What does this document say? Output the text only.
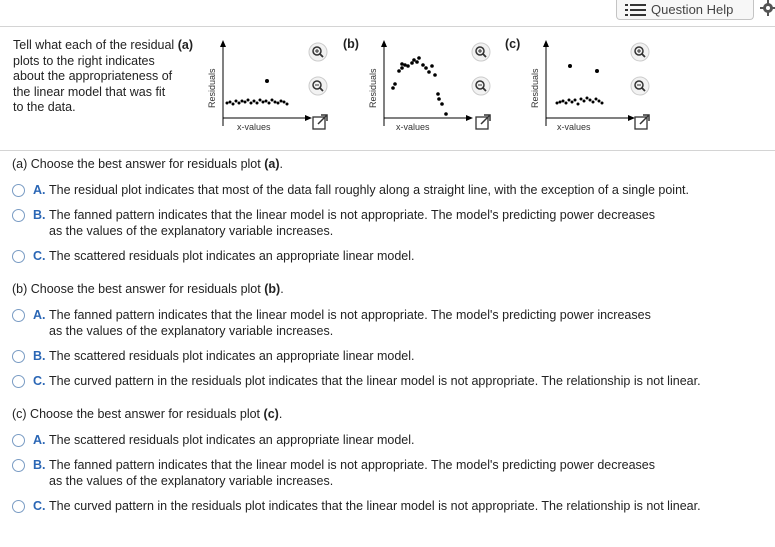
Question Help
Tell what each of the residual (a)
plots to the right indicates
about the appropriateness of
the linear model that was fit
to the data.	Residuals
x-values
(b)
Residuals
x-values
(c)
Residuals
x-values
(a) Choose the best answer for residuals plot (a).
A. The residual plot indicates that most of the data fall roughly along a straight line, with the exception of a single point.
B. The fanned pattern indicates that the linear model is not appropriate. The model's predicting power decreases
as the values of the explanatory variable increases.
C. The scattered residuals plot indicates an appropriate linear model.
(b) Choose the best answer for residuals plot (b).
A. The fanned pattern indicates that the linear model is not appropriate. The model's predicting power increases
as the values of the explanatory variable increases.
B. The scattered residuals plot indicates an appropriate linear model.
C. The curved pattern in the residuals plot indicates that the linear model is not appropriate. The relationship is not linear.
(c) Choose the best answer for residuals plot (c).
A. The scattered residuals plot indicates an appropriate linear model.
B. The fanned pattern indicates that the linear model is not appropriate. The model's predicting power decreases
as the values of the explanatory variable increases.
C. The curved pattern in the residuals plot indicates that the linear model is not appropriate. The relationship is not linear.
